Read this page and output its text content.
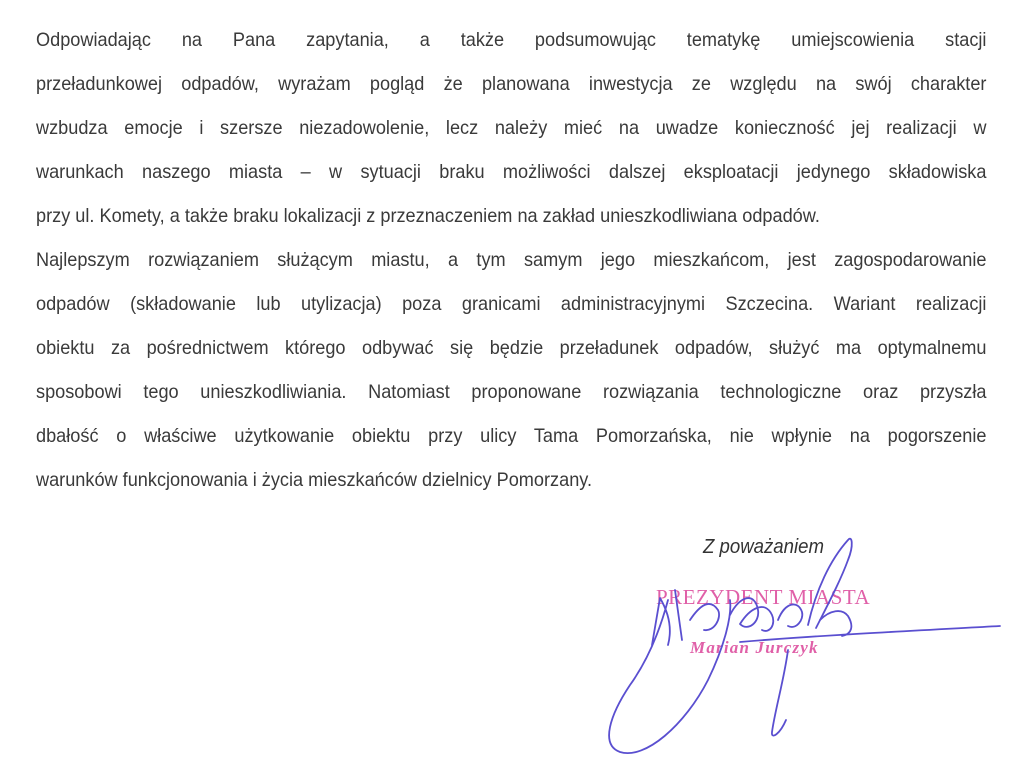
Odpowiadając na Pana zapytania, a także podsumowując tematykę umiejscowienia stacji
przeładunkowej odpadów, wyrażam pogląd że planowana inwestycja ze względu na swój charakter
wzbudza emocje i szersze niezadowolenie, lecz należy mieć na uwadze konieczność jej realizacji w
warunkach naszego miasta – w sytuacji braku możliwości dalszej eksploatacji jedynego składowiska
przy ul. Komety, a także braku lokalizacji z przeznaczeniem na zakład unieszkodliwiana odpadów.
Najlepszym rozwiązaniem służącym miastu, a tym samym jego mieszkańcom, jest zagospodarowanie
odpadów (składowanie lub utylizacja) poza granicami administracyjnymi Szczecina. Wariant realizacji
obiektu za pośrednictwem którego odbywać się będzie przeładunek odpadów, służyć ma optymalnemu
sposobowi tego unieszkodliwiania. Natomiast proponowane rozwiązania technologiczne oraz przyszła
dbałość o właściwe użytkowanie obiektu przy ulicy Tama Pomorzańska, nie wpłynie na pogorszenie
warunków funkcjonowania i życia mieszkańców dzielnicy Pomorzany.
Z poważaniem
PREZYDENT MIASTA
Marian Jurczyk
